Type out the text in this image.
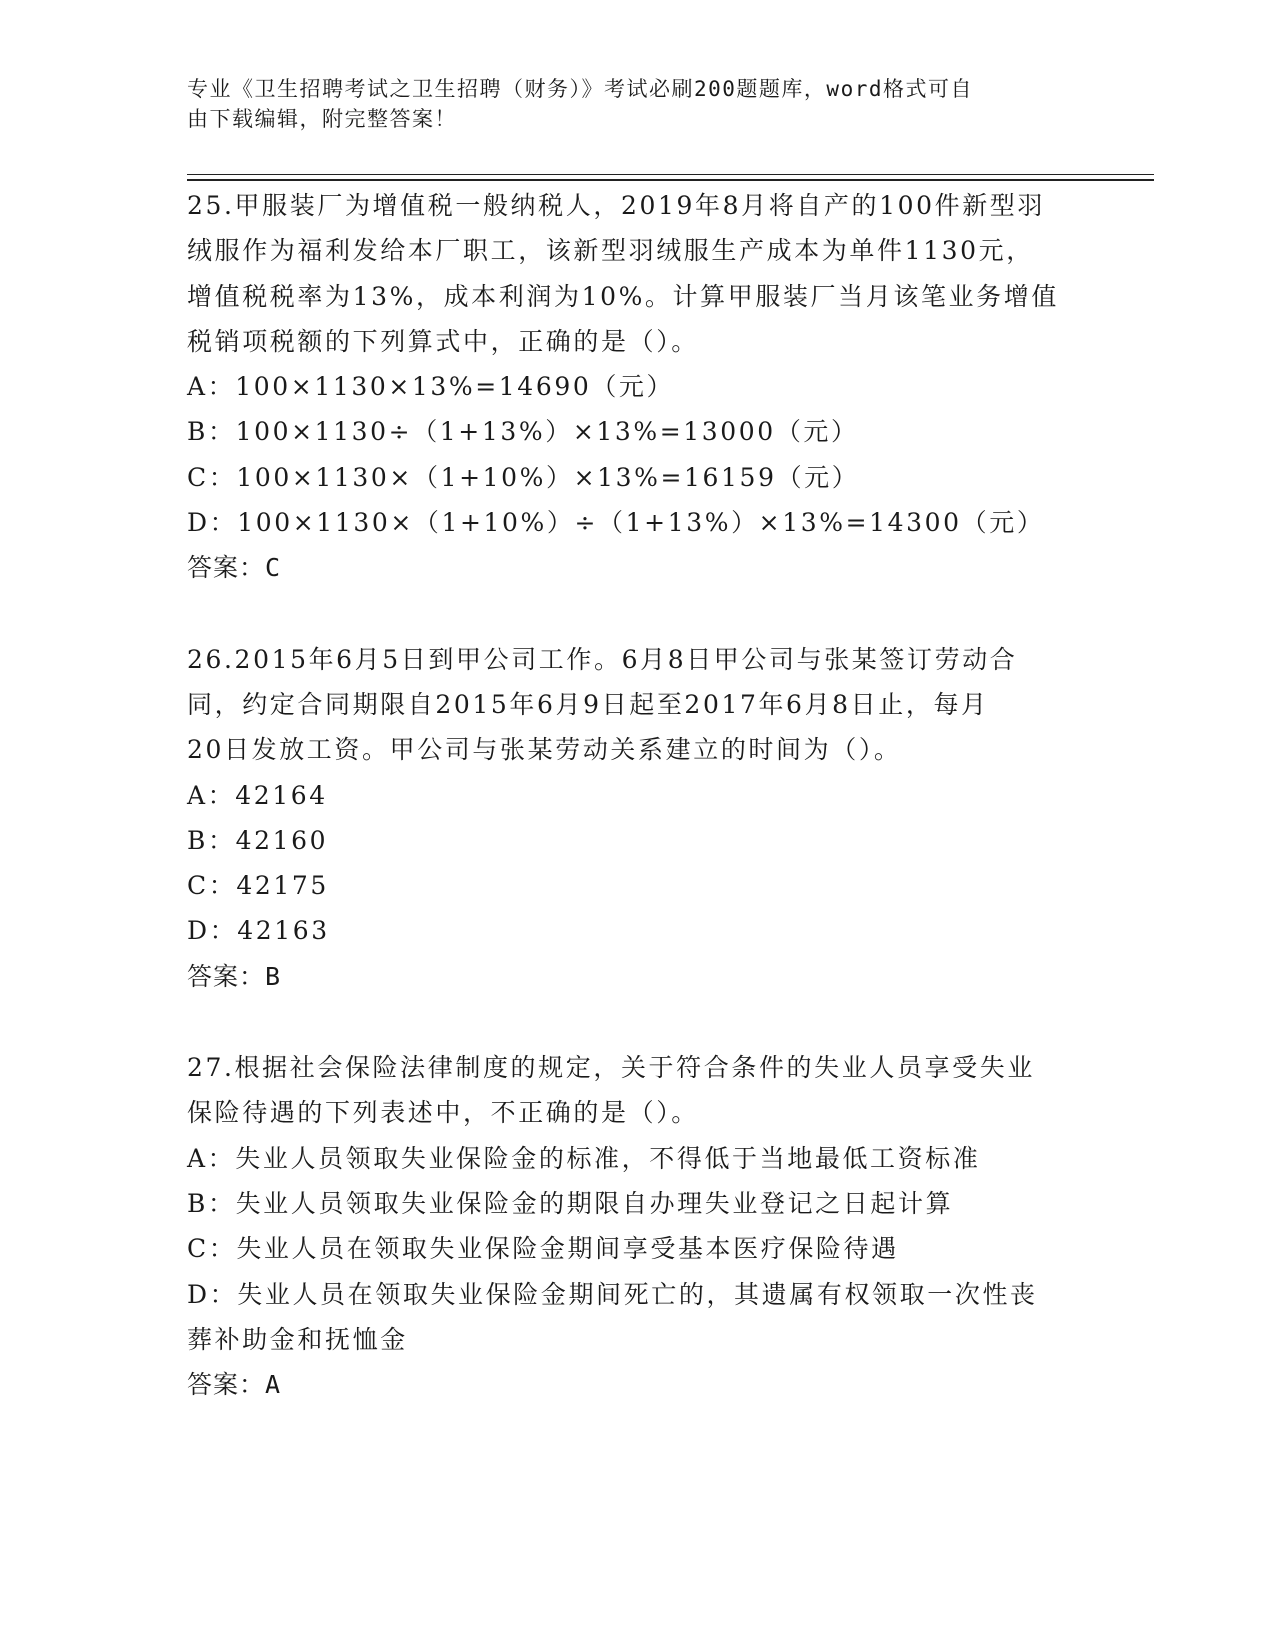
专业《卫生招聘考试之卫生招聘（财务）》考试必刷200题题库，word格式可自
由下载编辑，附完整答案！
25.甲服装厂为增值税一般纳税人，2019年8月将自产的100件新型羽
绒服作为福利发给本厂职工，该新型羽绒服生产成本为单件1130元，
增值税税率为13%，成本利润为10%。计算甲服装厂当月该笔业务增值
税销项税额的下列算式中，正确的是（）。
A：100×1130×13%=14690（元）
B：100×1130÷（1+13%）×13%=13000（元）
C：100×1130×（1+10%）×13%=16159（元）
D：100×1130×（1+10%）÷（1+13%）×13%=14300（元）
答案：C
26.2015年6月5日到甲公司工作。6月8日甲公司与张某签订劳动合
同，约定合同期限自2015年6月9日起至2017年6月8日止，每月
20日发放工资。甲公司与张某劳动关系建立的时间为（）。
A：42164
B：42160
C：42175
D：42163
答案：B
27.根据社会保险法律制度的规定，关于符合条件的失业人员享受失业
保险待遇的下列表述中，不正确的是（）。
A：失业人员领取失业保险金的标准，不得低于当地最低工资标准
B：失业人员领取失业保险金的期限自办理失业登记之日起计算
C：失业人员在领取失业保险金期间享受基本医疗保险待遇
D：失业人员在领取失业保险金期间死亡的，其遗属有权领取一次性丧
葬补助金和抚恤金
答案：A
